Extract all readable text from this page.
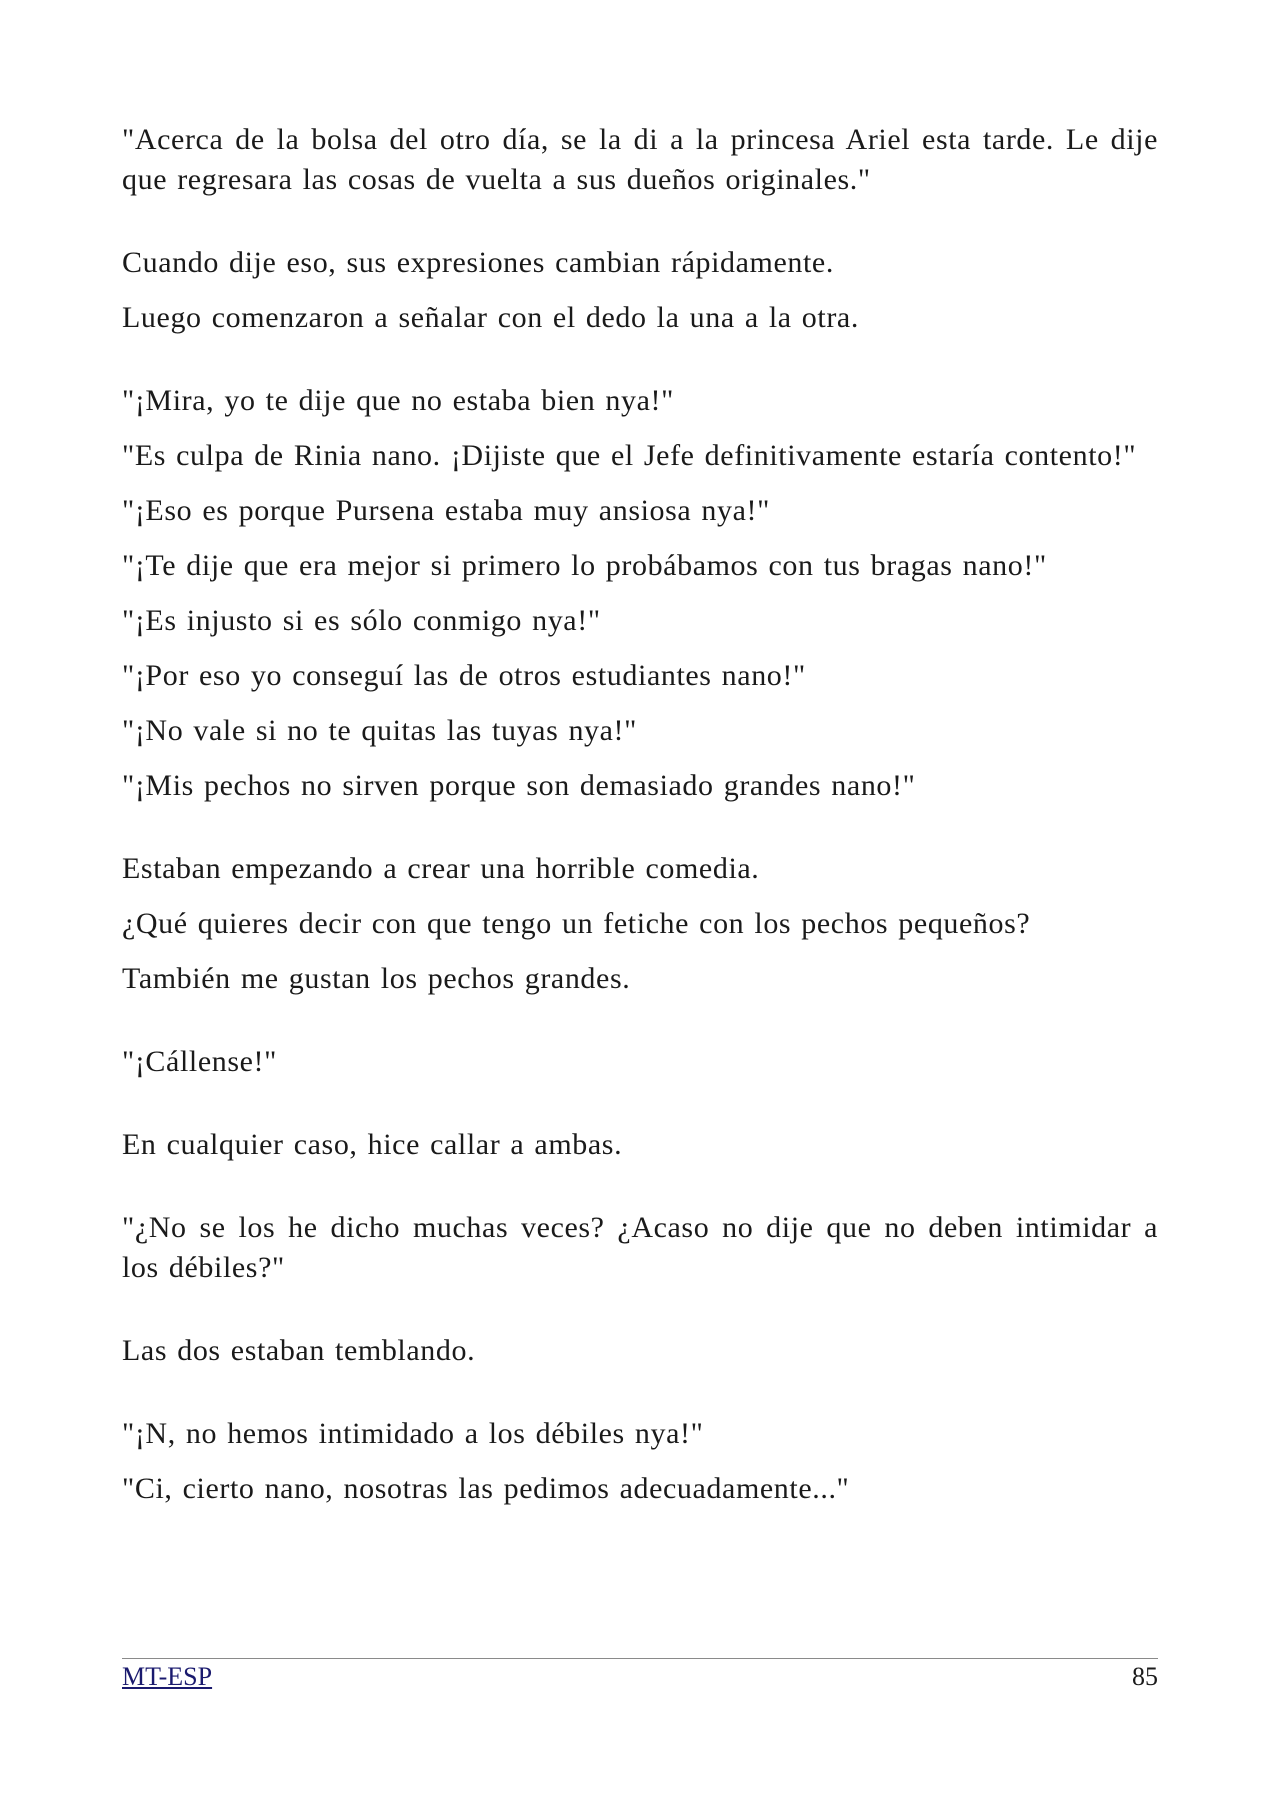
"Acerca de la bolsa del otro día, se la di a la princesa Ariel esta tarde. Le dije que regresara las cosas de vuelta a sus dueños originales."

Cuando dije eso, sus expresiones cambian rápidamente.

Luego comenzaron a señalar con el dedo la una a la otra.

"¡Mira, yo te dije que no estaba bien nya!"

"Es culpa de Rinia nano. ¡Dijiste que el Jefe definitivamente estaría contento!"

"¡Eso es porque Pursena estaba muy ansiosa nya!"

"¡Te dije que era mejor si primero lo probábamos con tus bragas nano!"

"¡Es injusto si es sólo conmigo nya!"

"¡Por eso yo conseguí las de otros estudiantes nano!"

"¡No vale si no te quitas las tuyas nya!"

"¡Mis pechos no sirven porque son demasiado grandes nano!"

Estaban empezando a crear una horrible comedia.

¿Qué quieres decir con que tengo un fetiche con los pechos pequeños?

También me gustan los pechos grandes.

"¡Cállense!"

En cualquier caso, hice callar a ambas.

"¿No se los he dicho muchas veces? ¿Acaso no dije que no deben intimidar a los débiles?"

Las dos estaban temblando.

"¡N, no hemos intimidado a los débiles nya!"

"Ci, cierto nano, nosotras las pedimos adecuadamente..."

MT-ESP	85
